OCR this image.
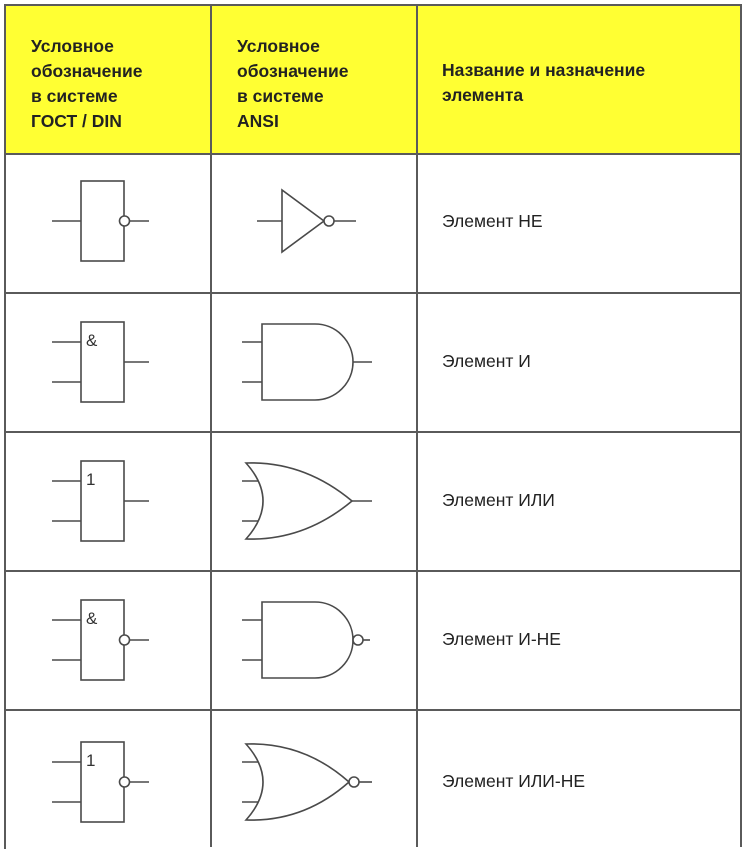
Условное
обозначение
в системе
ГОСТ / DIN
Условное
обозначение
в системе
ANSI
Название и назначение
элемента
Элемент НЕ
&
Элемент И
1
Элемент ИЛИ
&
Элемент И-НЕ
1
Элемент ИЛИ-НЕ
